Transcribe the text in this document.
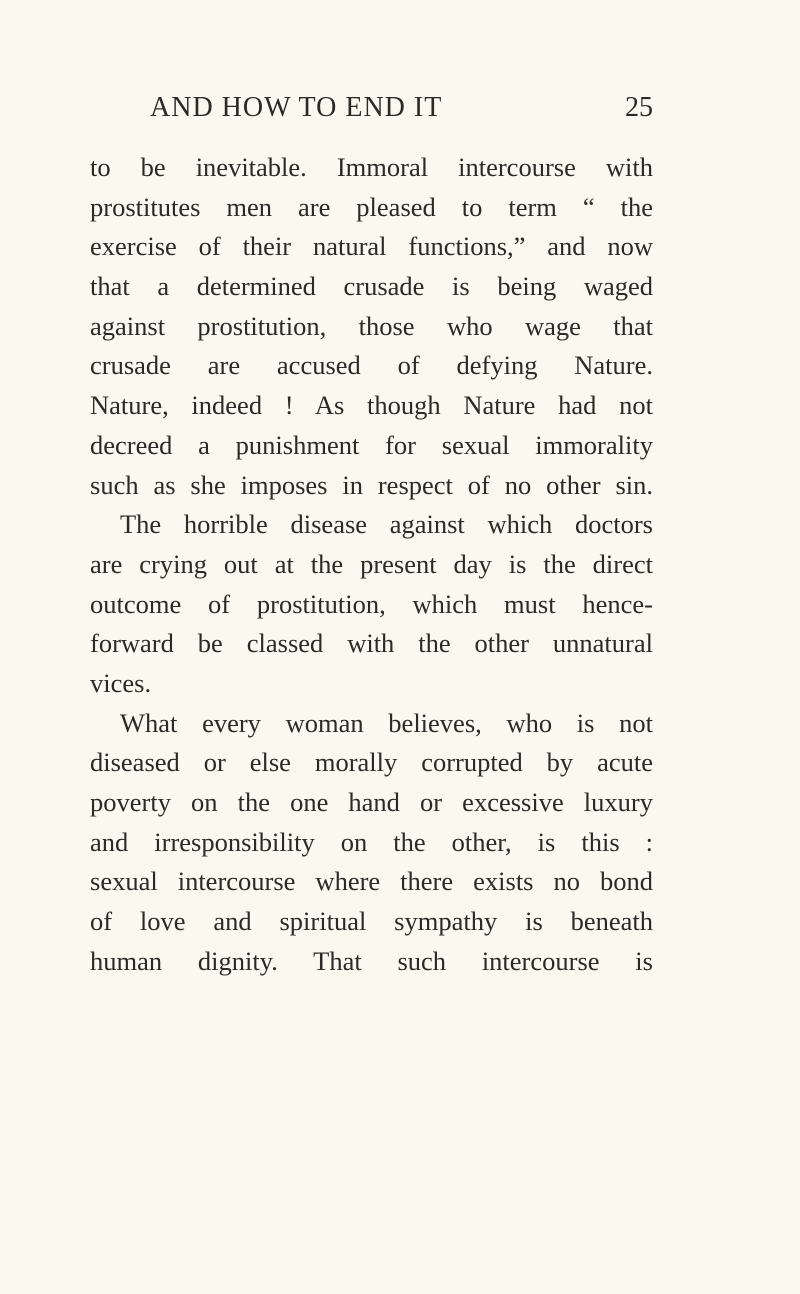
AND HOW TO END IT	25
to be inevitable. Immoral intercourse with
prostitutes men are pleased to term “ the
exercise of their natural functions,” and now
that a determined crusade is being waged
against prostitution, those who wage that
crusade are accused of defying Nature.
Nature, indeed ! As though Nature had not
decreed a punishment for sexual immorality
such as she imposes in respect of no other sin.
The horrible disease against which doctors
are crying out at the present day is the direct
outcome of prostitution, which must hence-
forward be classed with the other unnatural
vices.
What every woman believes, who is not
diseased or else morally corrupted by acute
poverty on the one hand or excessive luxury
and irresponsibility on the other, is this :
sexual intercourse where there exists no bond
of love and spiritual sympathy is beneath
human dignity. That such intercourse is
